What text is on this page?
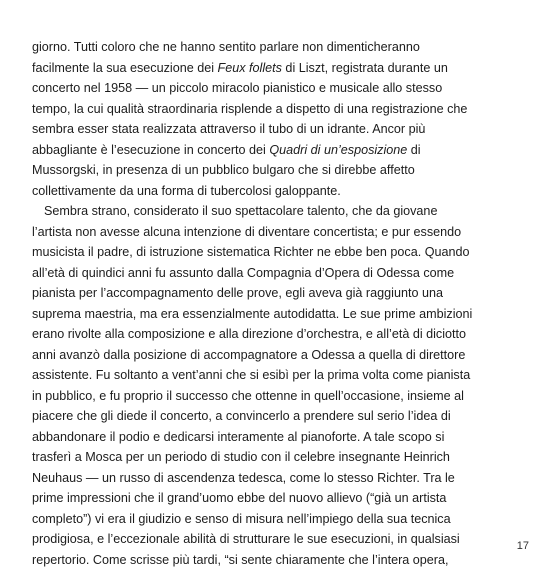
giorno. Tutti coloro che ne hanno sentito parlare non dimenticheranno
facilmente la sua esecuzione dei Feux follets di Liszt, registrata durante un
concerto nel 1958 — un piccolo miracolo pianistico e musicale allo stesso
tempo, la cui qualità straordinaria risplende a dispetto di una registrazione che
sembra esser stata realizzata attraverso il tubo di un idrante. Ancor più
abbagliante è l’esecuzione in concerto dei Quadri di un’esposizione di
Mussorgski, in presenza di un pubblico bulgaro che si direbbe affetto
collettivamente da una forma di tubercolosi galoppante.
Sembra strano, considerato il suo spettacolare talento, che da giovane
l’artista non avesse alcuna intenzione di diventare concertista; e pur essendo
musicista il padre, di istruzione sistematica Richter ne ebbe ben poca. Quando
all’età di quindici anni fu assunto dalla Compagnia d’Opera di Odessa come
pianista per l’accompagnamento delle prove, egli aveva già raggiunto una
suprema maestria, ma era essenzialmente autodidatta. Le sue prime ambizioni
erano rivolte alla composizione e alla direzione d’orchestra, e all’età di diciotto
anni avanzò dalla posizione di accompagnatore a Odessa a quella di direttore
assistente. Fu soltanto a vent’anni che si esibì per la prima volta come pianista
in pubblico, e fu proprio il successo che ottenne in quell’occasione, insieme al
piacere che gli diede il concerto, a convincerlo a prendere sul serio l’idea di
abbandonare il podio e dedicarsi interamente al pianoforte. A tale scopo si
trasferì a Mosca per un periodo di studio con il celebre insegnante Heinrich
Neuhaus — un russo di ascendenza tedesca, come lo stesso Richter. Tra le
prime impressioni che il grand’uomo ebbe del nuovo allievo (“già un artista
completo”) vi era il giudizio e senso di misura nell’impiego della sua tecnica
prodigiosa, e l’eccezionale abilità di strutturare le sue esecuzioni, in qualsiasi
repertorio. Come scrisse più tardi, “si sente chiaramente che l’intera opera,
17
